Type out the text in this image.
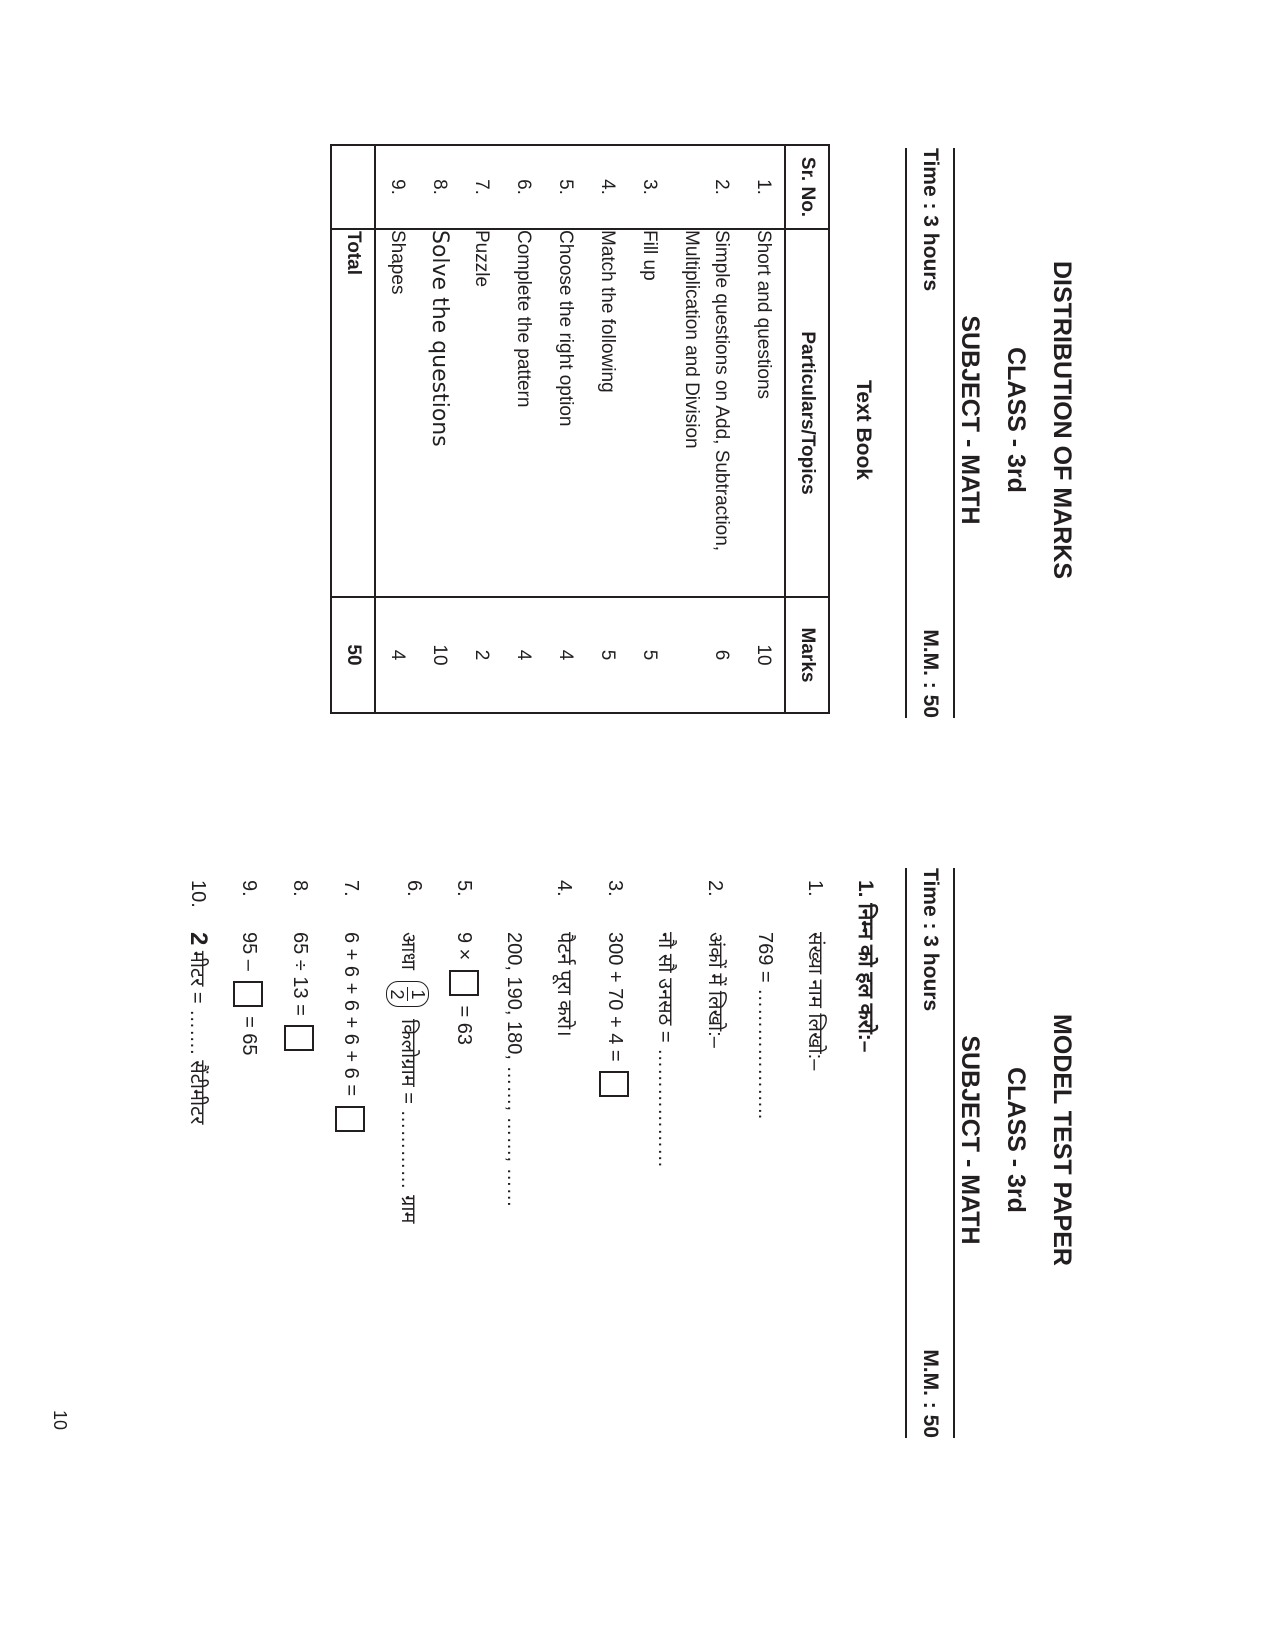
DISTRIBUTION OF MARKS
CLASS - 3rd
SUBJECT - MATH
Time : 3 hours
M.M. : 50
Text Book
Sr. No.	Particulars/Topics	Marks
1.	Short and questions	10
2.	Simple questions on Add, Subtraction, Multiplication and Division	6
3.	Fill up	5
4.	Match the following	5
5.	Choose the right option	4
6.	Complete the pattern	4
7.	Puzzle	2
8.	Solve the questions	10
9.	Shapes	4
	Total	50
MODEL TEST PAPER
CLASS - 3rd
SUBJECT - MATH
Time : 3 hours
M.M. : 50
1. निम्न को हल करो:–
1.
संख्या नाम लिखो:–
769 = ………………..
2.
अंकों में लिखो:–
नौ सौ उनसठ = ………………
3.
300 + 70 + 4 =
4.
पैटर्न पूरा करो।
200, 190, 180, ……, ……, ……
5.
9 ×  = 63
6.
आधा
1
2
किलोग्राम = ………… ग्राम
7.
6 + 6 + 6 + 6 + 6 =
8.
65 ÷ 13 =
9.
95 –  = 65
10.
2 मीटर = ……. सैंटीमीटर
10
